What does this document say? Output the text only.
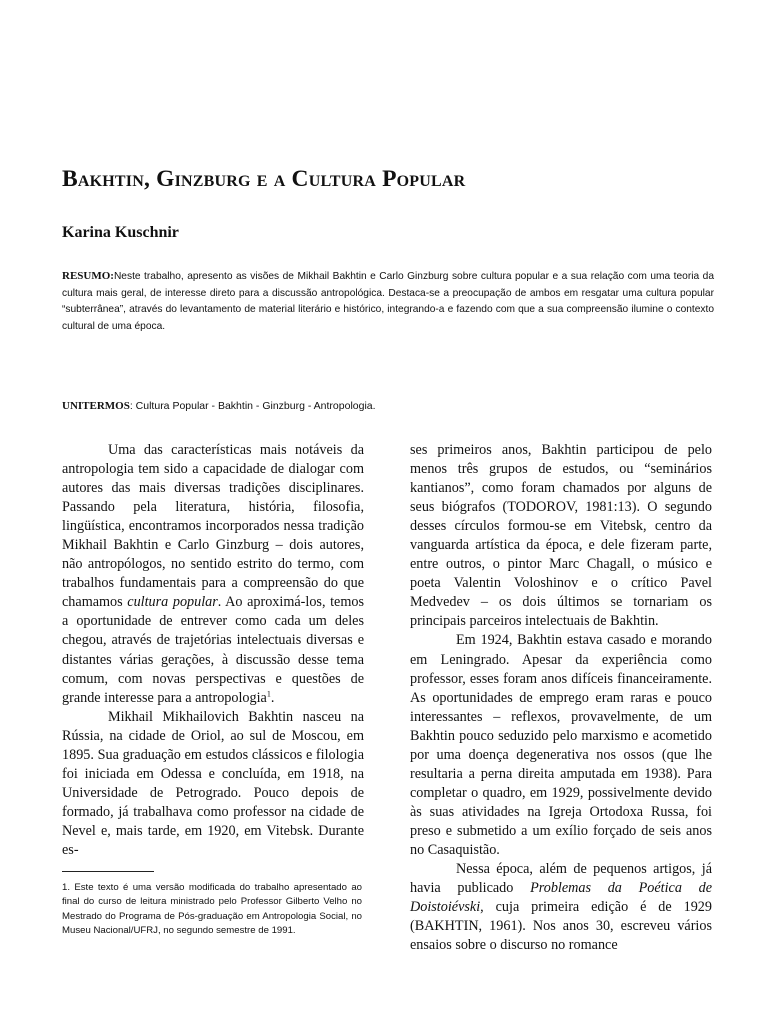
Bakhtin, Ginzburg e a Cultura Popular
Karina Kuschnir
RESUMO:Neste trabalho, apresento as visões de Mikhail Bakhtin e Carlo Ginzburg sobre cultura popular e a sua relação com uma teoria da cultura mais geral, de interesse direto para a discussão antropológica. Destaca-se a preocupação de ambos em resgatar uma cultura popular “subterrânea”, através do levantamento de material literário e histórico, integrando-a e fazendo com que a sua compreensão ilumine o contexto cultural de uma época.
UNITERMOS: Cultura Popular - Bakhtin - Ginzburg - Antropologia.

Uma das características mais notáveis da antropologia tem sido a capacidade de dialogar com autores das mais diversas tradições disciplinares. Passando pela literatura, história, filosofia, lingüística, encontramos incorporados nessa tradição Mikhail Bakhtin e Carlo Ginzburg – dois autores, não antropólogos, no sentido estrito do termo, com trabalhos fundamentais para a compreensão do que chamamos cultura popular. Ao aproximá-los, temos a oportunidade de entrever como cada um deles chegou, através de trajetórias intelectuais diversas e distantes várias gerações, à discussão desse tema comum, com novas perspectivas e questões de grande interesse para a antropologia$^1$.

Mikhail Mikhailovich Bakhtin nasceu na Rússia, na cidade de Oriol, ao sul de Moscou, em 1895. Sua graduação em estudos clássicos e filologia foi iniciada em Odessa e concluída, em 1918, na Universidade de Petrogrado. Pouco depois de formado, já trabalhava como professor na cidade de Nevel e, mais tarde, em 1920, em Vitebsk. Durante es-

ses primeiros anos, Bakhtin participou de pelo menos três grupos de estudos, ou “seminários kantianos”, como foram chamados por alguns de seus biógrafos (TODOROV, 1981:13). O segundo desses círculos formou-se em Vitebsk, centro da vanguarda artística da época, e dele fizeram parte, entre outros, o pintor Marc Chagall, o músico e poeta Valentin Voloshinov e o crítico Pavel Medvedev – os dois últimos se tornariam os principais parceiros intelectuais de Bakhtin.

Em 1924, Bakhtin estava casado e morando em Leningrado. Apesar da experiência como professor, esses foram anos difíceis financeiramente. As oportunidades de emprego eram raras e pouco interessantes – reflexos, provavelmente, de um Bakhtin pouco seduzido pelo marxismo e acometido por uma doença degenerativa nos ossos (que lhe resultaria a perna direita amputada em 1938). Para completar o quadro, em 1929, possivelmente devido às suas atividades na Igreja Ortodoxa Russa, foi preso e submetido a um exílio forçado de seis anos no Casaquistão.

Nessa época, além de pequenos artigos, já havia publicado Problemas da Poética de Doistoiévski, cuja primeira edição é de 1929 (BAKHTIN, 1961). Nos anos 30, escreveu vários ensaios sobre o discurso no romance

1. Este texto é uma versão modificada do trabalho apresentado ao final do curso de leitura ministrado pelo Professor Gilberto Velho no Mestrado do Programa de Pós-graduação em Antropologia Social, no Museu Nacional/UFRJ, no segundo semestre de 1991.
